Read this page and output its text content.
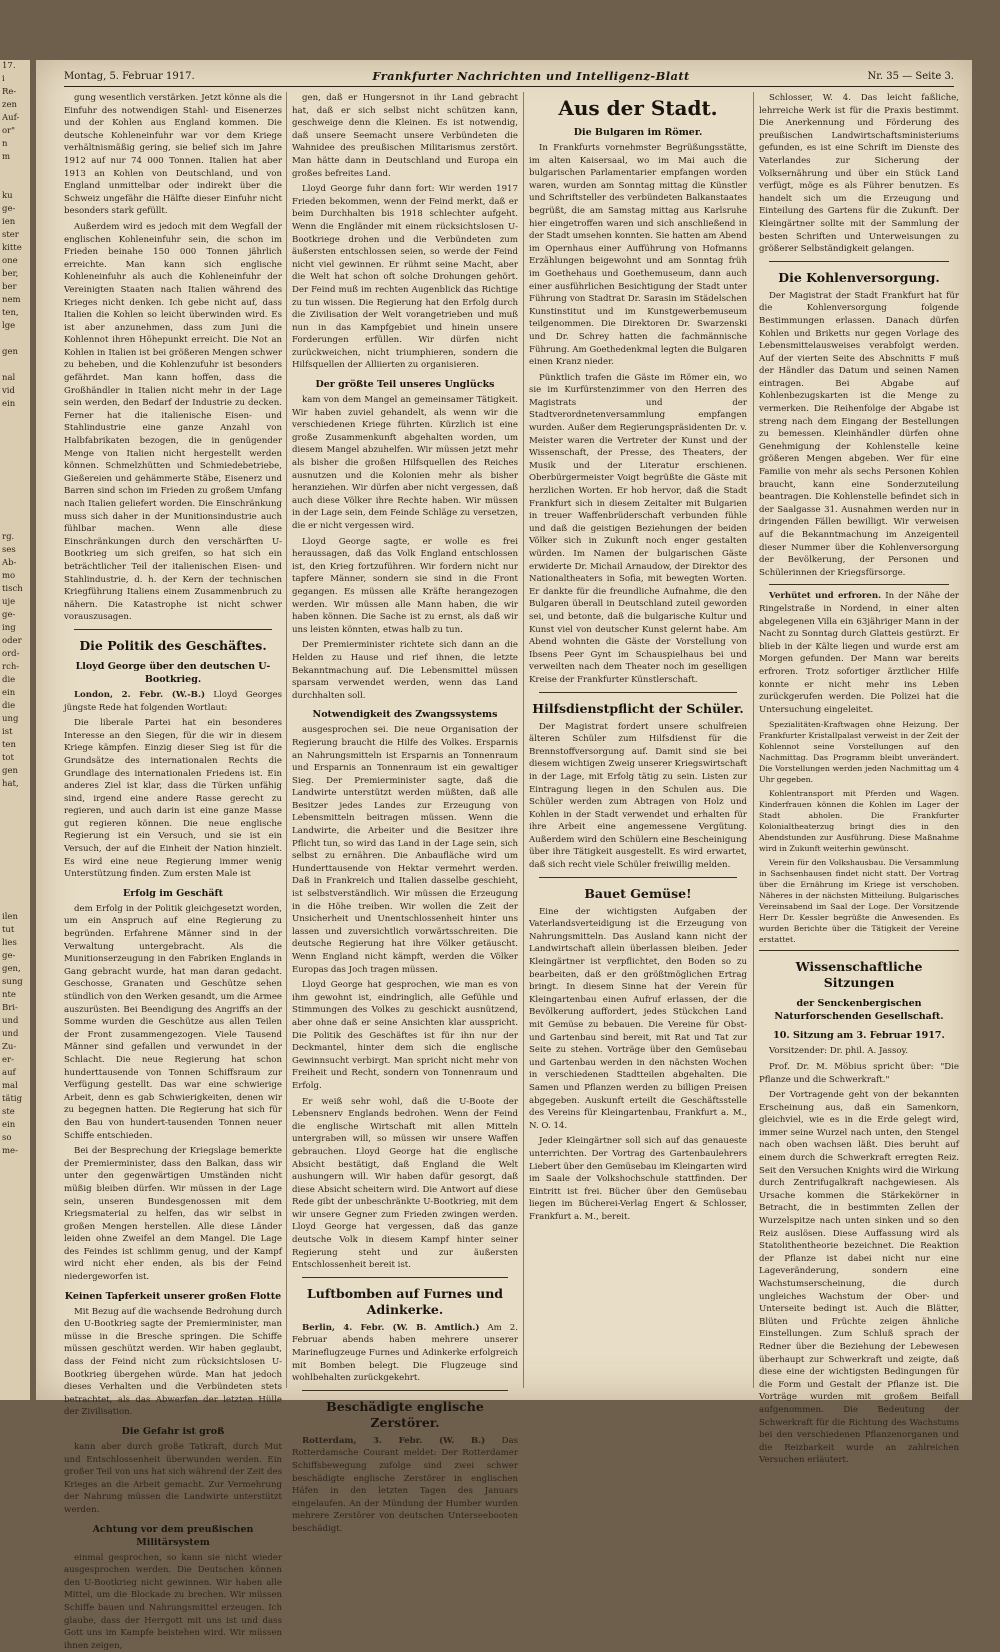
17.
i
Re-
zen
Auf-
or"
n
m

ku
ge-
ien
ster
kitte
one
ber,
ber
nem
ten,
lge

gen

nal
vid
ein
rg.
ses
Ab-
mo
tisch
uje
ge-
ing
oder
ord-
rch-
die
ein
die
ung
ist
ten
tot
gen
hat,
ilen
tut
lies
ge-
gen,
sung
nte
Bri-
und
und
Zu-
er-
auf
mal
tätig
ste
ein
so
me-
Montag, 5. Februar 1917.	Frankfurter Nachrichten und Intelligenz-Blatt	Nr. 35 — Seite 3.

gung wesentlich verstärken. Jetzt könne als die Einfuhr des notwendigen Stahl- und Eisenerzes und der Kohlen aus England kommen. Die deutsche Kohleneinfuhr war vor dem Kriege verhältnismäßig gering, sie belief sich im Jahre 1912 auf nur 74 000 Tonnen. Italien hat aber 1913 an Kohlen von Deutschland, und von England unmittelbar oder indirekt über die Schweiz ungefähr die Hälfte dieser Einfuhr nicht besonders stark gefüllt.

Außerdem wird es jedoch mit dem Wegfall der englischen Kohleneinfuhr sein, die schon im Frieden beinahe 150 000 Tonnen jährlich erreichte. Man kann sich englische Kohleneinfuhr als auch die Kohleneinfuhr der Vereinigten Staaten nach Italien während des Krieges nicht denken. Ich gebe nicht auf, dass Italien die Kohlen so leicht überwinden wird. Es ist aber anzunehmen, dass zum Juni die Kohlennot ihren Höhepunkt erreicht. Die Not an Kohlen in Italien ist bei größeren Mengen schwer zu beheben, und die Kohlenzufuhr ist besonders gefährdet. Man kann hoffen, dass die Großhändler in Italien nicht mehr in der Lage sein werden, den Bedarf der Industrie zu decken. Ferner hat die italienische Eisen- und Stahlindustrie eine ganze Anzahl von Halbfabrikaten bezogen, die in genügender Menge von Italien nicht hergestellt werden können. Schmelzhütten und Schmiedebetriebe, Gießereien und gehämmerte Stäbe, Eisenerz und Barren sind schon im Frieden zu großem Umfang nach Italien geliefert worden. Die Einschränkung muss sich daher in der Munitionsindustrie auch fühlbar machen. Wenn alle diese Einschränkungen durch den verschärften U-Bootkrieg um sich greifen, so hat sich ein beträchtlicher Teil der italienischen Eisen- und Stahlindustrie, d. h. der Kern der technischen Kriegführung Italiens einem Zusammenbruch zu nähern. Die Katastrophe ist nicht schwer vorauszusagen.

Die Politik des Geschäftes.
Lloyd George über den deutschen U-Bootkrieg.

London, 2. Febr. (W.-B.) Lloyd Georges jüngste Rede hat folgenden Wortlaut:

Die liberale Partei hat ein besonderes Interesse an den Siegen, für die wir in diesem Kriege kämpfen. Einzig dieser Sieg ist für die Grundsätze des internationalen Rechts die Grundlage des internationalen Friedens ist. Ein anderes Ziel ist klar, dass die Türken unfähig sind, irgend eine andere Rasse gerecht zu regieren, und auch darin ist eine ganze Masse gut regieren können. Die neue englische Regierung ist ein Versuch, und sie ist ein Versuch, der auf die Einheit der Nation hinzielt. Es wird eine neue Regierung immer wenig Unterstützung finden. Zum ersten Male ist

Erfolg im Geschäft

dem Erfolg in der Politik gleichgesetzt worden, um ein Anspruch auf eine Regierung zu begründen. Erfahrene Männer sind in der Verwaltung untergebracht. Als die Munitionserzeugung in den Fabriken Englands in Gang gebracht wurde, hat man daran gedacht. Geschosse, Granaten und Geschütze sehen stündlich von den Werken gesandt, um die Armee auszurüsten. Bei Beendigung des Angriffs an der Somme wurden die Geschütze aus allen Teilen der Front zusammengezogen. Viele Tausend Männer sind gefallen und verwundet in der Schlacht. Die neue Regierung hat schon hunderttausende von Tonnen Schiffsraum zur Verfügung gestellt. Das war eine schwierige Arbeit, denn es gab Schwierigkeiten, denen wir zu begegnen hatten. Die Regierung hat sich für den Bau von hundert-tausenden Tonnen neuer Schiffe entschieden.

Bei der Besprechung der Kriegslage bemerkte der Premierminister, dass den Balkan, dass wir unter den gegenwärtigen Umständen nicht müßig bleiben dürfen. Wir müssen in der Lage sein, unseren Bundesgenossen mit dem Kriegsmaterial zu helfen, das wir selbst in großen Mengen herstellen. Alle diese Länder leiden ohne Zweifel an dem Mangel. Die Lage des Feindes ist schlimm genug, und der Kampf wird nicht eher enden, als bis der Feind niedergeworfen ist.

Keinen Tapferkeit unserer großen Flotte

Mit Bezug auf die wachsende Bedrohung durch den U-Bootkrieg sagte der Premierminister, man müsse in die Bresche springen. Die Schiffe müssen geschützt werden. Wir haben geglaubt, dass der Feind nicht zum rücksichtslosen U-Bootkrieg übergehen würde. Man hat jedoch dieses Verhalten und die Verbündeten stets betrachtet, als das Abwerfen der letzten Hülle der Zivilisation.

Die Gefahr ist groß

kann aber durch große Tatkraft, durch Mut und Entschlossenheit überwunden werden. Ein großer Teil von uns hat sich während der Zeit des Krieges an die Arbeit gemacht. Zur Vermehrung der Nahrung müssen die Landwirte unterstützt werden.

Achtung vor dem preußischen Militärsystem

einmal gesprochen, so kann sie nicht wieder ausgesprochen werden. Die Deutschen können den U-Bootkrieg nicht gewinnen. Wir haben alle Mittel, um die Blockade zu brechen. Wir müssen Schiffe bauen und Nahrungsmittel erzeugen. Ich glaube, dass der Herrgott mit uns ist und dass Gott uns im Kampfe beistehen wird. Wir müssen ihnen zeigen,

gen, daß er Hungersnot in ihr Land gebracht hat, daß er sich selbst nicht schützen kann, geschweige denn die Kleinen. Es ist notwendig, daß unsere Seemacht unsere Verbündeten die Wahnidee des preußischen Militarismus zerstört. Man hätte dann in Deutschland und Europa ein großes befreites Land.

Lloyd George fuhr dann fort: Wir werden 1917 Frieden bekommen, wenn der Feind merkt, daß er beim Durchhalten bis 1918 schlechter aufgeht. Wenn die Engländer mit einem rücksichtslosen U-Bootkriege drohen und die Verbündeten zum äußersten entschlossen seien, so werde der Feind nicht viel gewinnen. Er rühmt seine Macht, aber die Welt hat schon oft solche Drohungen gehört. Der Feind muß im rechten Augenblick das Richtige zu tun wissen. Die Regierung hat den Erfolg durch die Zivilisation der Welt vorangetrieben und muß nun in das Kampfgebiet und hinein unsere Forderungen erfüllen. Wir dürfen nicht zurückweichen, nicht triumphieren, sondern die Hilfsquellen der Alliierten zu organisieren.

Der größte Teil unseres Unglücks

kam von dem Mangel an gemeinsamer Tätigkeit. Wir haben zuviel gehandelt, als wenn wir die verschiedenen Kriege führten. Kürzlich ist eine große Zusammenkunft abgehalten worden, um diesem Mangel abzuhelfen. Wir müssen jetzt mehr als bisher die großen Hilfsquellen des Reiches ausnutzen und die Kolonien mehr als bisher heranziehen. Wir dürfen aber nicht vergessen, daß auch diese Völker ihre Rechte haben. Wir müssen in der Lage sein, dem Feinde Schläge zu versetzen, die er nicht vergessen wird.

Lloyd George sagte, er wolle es frei heraussagen, daß das Volk England entschlossen ist, den Krieg fortzuführen. Wir fordern nicht nur tapfere Männer, sondern sie sind in die Front gegangen. Es müssen alle Kräfte herangezogen werden. Wir müssen alle Mann haben, die wir haben können. Die Sache ist zu ernst, als daß wir uns leisten könnten, etwas halb zu tun.

Der Premierminister richtete sich dann an die Helden zu Hause und rief ihnen, die letzte Bekanntmachung auf. Die Lebensmittel müssen sparsam verwendet werden, wenn das Land durchhalten soll.

Notwendigkeit des Zwangssystems

ausgesprochen sei. Die neue Organisation der Regierung braucht die Hilfe des Volkes. Ersparnis an Nahrungsmitteln ist Ersparnis an Tonnenraum und Ersparnis an Tonnenraum ist ein gewaltiger Sieg. Der Premierminister sagte, daß die Landwirte unterstützt werden müßten, daß alle Besitzer jedes Landes zur Erzeugung von Lebensmitteln beitragen müssen. Wenn die Landwirte, die Arbeiter und die Besitzer ihre Pflicht tun, so wird das Land in der Lage sein, sich selbst zu ernähren. Die Anbaufläche wird um Hunderttausende von Hektar vermehrt werden. Daß in Frankreich und Italien dasselbe geschieht, ist selbstverständlich. Wir müssen die Erzeugung in die Höhe treiben. Wir wollen die Zeit der Unsicherheit und Unentschlossenheit hinter uns lassen und zuversichtlich vorwärtsschreiten. Die deutsche Regierung hat ihre Völker getäuscht. Wenn England nicht kämpft, werden die Völker Europas das Joch tragen müssen.

Lloyd George hat gesprochen, wie man es von ihm gewohnt ist, eindringlich, alle Gefühle und Stimmungen des Volkes zu geschickt ausnützend, aber ohne daß er seine Ansichten klar ausspricht. Die Politik des Geschäftes ist für ihn nur der Deckmantel, hinter dem sich die englische Gewinnsucht verbirgt. Man spricht nicht mehr von Freiheit und Recht, sondern von Tonnenraum und Erfolg.

Er weiß sehr wohl, daß die U-Boote der Lebensnerv Englands bedrohen. Wenn der Feind die englische Wirtschaft mit allen Mitteln untergraben will, so müssen wir unsere Waffen gebrauchen. Lloyd George hat die englische Absicht bestätigt, daß England die Welt aushungern will. Wir haben dafür gesorgt, daß diese Absicht scheitern wird. Die Antwort auf diese Rede gibt der unbeschränkte U-Bootkrieg, mit dem wir unsere Gegner zum Frieden zwingen werden. Lloyd George hat vergessen, daß das ganze deutsche Volk in diesem Kampf hinter seiner Regierung steht und zur äußersten Entschlossenheit bereit ist.

Luftbomben auf Furnes und Adinkerke.

Berlin, 4. Febr. (W. B. Amtlich.) Am 2. Februar abends haben mehrere unserer Marineflugzeuge Furnes und Adinkerke erfolgreich mit Bomben belegt. Die Flugzeuge sind wohlbehalten zurückgekehrt.

Beschädigte englische Zerstörer.

Rotterdam, 3. Febr. (W. B.) Das Rotterdamsche Courant meldet: Der Rotterdamer Schiffsbewegung zufolge sind zwei schwer beschädigte englische Zerstörer in englischen Häfen in den letzten Tagen des Januars eingelaufen. An der Mündung der Humber wurden mehrere Zerstörer von deutschen Unterseebooten beschädigt.

Aus der Stadt.
Die Bulgaren im Römer.

In Frankfurts vornehmster Begrüßungsstätte, im alten Kaisersaal, wo im Mai auch die bulgarischen Parlamentarier empfangen worden waren, wurden am Sonntag mittag die Künstler und Schriftsteller des verbündeten Balkanstaates begrüßt, die am Samstag mittag aus Karlsruhe hier eingetroffen waren und sich anschließend in der Stadt umsehen konnten. Sie hatten am Abend im Opernhaus einer Aufführung von Hofmanns Erzählungen beigewohnt und am Sonntag früh im Goethehaus und Goethemuseum, dann auch einer ausführlichen Besichtigung der Stadt unter Führung von Stadtrat Dr. Sarasin im Städelschen Kunstinstitut und im Kunstgewerbemuseum teilgenommen. Die Direktoren Dr. Swarzenski und Dr. Schrey hatten die fachmännische Führung. Am Goethedenkmal legten die Bulgaren einen Kranz nieder.

Pünktlich trafen die Gäste im Römer ein, wo sie im Kurfürstenzimmer von den Herren des Magistrats und der Stadtverordnetenversammlung empfangen wurden. Außer dem Regierungspräsidenten Dr. v. Meister waren die Vertreter der Kunst und der Wissenschaft, der Presse, des Theaters, der Musik und der Literatur erschienen. Oberbürgermeister Voigt begrüßte die Gäste mit herzlichen Worten. Er hob hervor, daß die Stadt Frankfurt sich in diesem Zeitalter mit Bulgarien in treuer Waffenbrüderschaft verbunden fühle und daß die geistigen Beziehungen der beiden Völker sich in Zukunft noch enger gestalten würden. Im Namen der bulgarischen Gäste erwiderte Dr. Michail Arnaudow, der Direktor des Nationaltheaters in Sofia, mit bewegten Worten. Er dankte für die freundliche Aufnahme, die den Bulgaren überall in Deutschland zuteil geworden sei, und betonte, daß die bulgarische Kultur und Kunst viel von deutscher Kunst gelernt habe. Am Abend wohnten die Gäste der Vorstellung von Ibsens Peer Gynt im Schauspielhaus bei und verweilten nach dem Theater noch im geselligen Kreise der Frankfurter Künstlerschaft.

Hilfsdienstpflicht der Schüler.

Der Magistrat fordert unsere schulfreien älteren Schüler zum Hilfsdienst für die Brennstoffversorgung auf. Damit sind sie bei diesem wichtigen Zweig unserer Kriegswirtschaft in der Lage, mit Erfolg tätig zu sein. Listen zur Eintragung liegen in den Schulen aus. Die Schüler werden zum Abtragen von Holz und Kohlen in der Stadt verwendet und erhalten für ihre Arbeit eine angemessene Vergütung. Außerdem wird den Schülern eine Bescheinigung über ihre Tätigkeit ausgestellt. Es wird erwartet, daß sich recht viele Schüler freiwillig melden.

Bauet Gemüse!

Eine der wichtigsten Aufgaben der Vaterlandsverteidigung ist die Erzeugung von Nahrungsmitteln. Das Ausland kann nicht der Landwirtschaft allein überlassen bleiben. Jeder Kleingärtner ist verpflichtet, den Boden so zu bearbeiten, daß er den größtmöglichen Ertrag bringt. In diesem Sinne hat der Verein für Kleingartenbau einen Aufruf erlassen, der die Bevölkerung auffordert, jedes Stückchen Land mit Gemüse zu bebauen. Die Vereine für Obst- und Gartenbau sind bereit, mit Rat und Tat zur Seite zu stehen. Vorträge über den Gemüsebau und Gartenbau werden in den nächsten Wochen in verschiedenen Stadtteilen abgehalten. Die Samen und Pflanzen werden zu billigen Preisen abgegeben. Auskunft erteilt die Geschäftsstelle des Vereins für Kleingartenbau, Frankfurt a. M., N. O. 14.

Jeder Kleingärtner soll sich auf das genaueste unterrichten. Der Vortrag des Gartenbaulehrers Liebert über den Gemüsebau im Kleingarten wird im Saale der Volkshochschule stattfinden. Der Eintritt ist frei. Bücher über den Gemüsebau liegen im Bücherei-Verlag Engert & Schlosser, Frankfurt a. M., bereit.

Schlosser, W. 4. Das leicht faßliche, lehrreiche Werk ist für die Praxis bestimmt. Die Anerkennung und Förderung des preußischen Landwirtschaftsministeriums gefunden, es ist eine Schrift im Dienste des Vaterlandes zur Sicherung der Volksernährung und über ein Stück Land verfügt, möge es als Führer benutzen. Es handelt sich um die Erzeugung und Einteilung des Gartens für die Zukunft. Der Kleingärtner sollte mit der Sammlung der besten Schriften und Unterweisungen zu größerer Selbständigkeit gelangen.

Die Kohlenversorgung.

Der Magistrat der Stadt Frankfurt hat für die Kohlenversorgung folgende Bestimmungen erlassen. Danach dürfen Kohlen und Briketts nur gegen Vorlage des Lebensmittelausweises verabfolgt werden. Auf der vierten Seite des Abschnitts F muß der Händler das Datum und seinen Namen eintragen. Bei Abgabe auf Kohlenbezugskarten ist die Menge zu vermerken. Die Reihenfolge der Abgabe ist streng nach dem Eingang der Bestellungen zu bemessen. Kleinhändler dürfen ohne Genehmigung der Kohlenstelle keine größeren Mengen abgeben. Wer für eine Familie von mehr als sechs Personen Kohlen braucht, kann eine Sonderzuteilung beantragen. Die Kohlenstelle befindet sich in der Saalgasse 31. Ausnahmen werden nur in dringenden Fällen bewilligt. Wir verweisen auf die Bekanntmachung im Anzeigenteil dieser Nummer über die Kohlenversorgung der Bevölkerung, der Personen und Schülerinnen der Kriegsfürsorge.

Verhütet und erfroren. In der Nähe der Ringelstraße in Nordend, in einer alten abgelegenen Villa ein 63jähriger Mann in der Nacht zu Sonntag durch Glatteis gestürzt. Er blieb in der Kälte liegen und wurde erst am Morgen gefunden. Der Mann war bereits erfroren. Trotz sofortiger ärztlicher Hilfe konnte er nicht mehr ins Leben zurückgerufen werden. Die Polizei hat die Untersuchung eingeleitet.

Spezialitäten-Kraftwagen ohne Heizung. Der Frankfurter Kristallpalast verweist in der Zeit der Kohlennot seine Vorstellungen auf den Nachmittag. Das Programm bleibt unverändert. Die Vorstellungen werden jeden Nachmittag um 4 Uhr gegeben.

Kohlentransport mit Pferden und Wagen. Kinderfrauen können die Kohlen im Lager der Stadt abholen. Die Frankfurter Kolonialtheaterzug bringt dies in den Abendstunden zur Ausführung. Diese Maßnahme wird in Zukunft weiterhin gewünscht.

Verein für den Volkshausbau. Die Versammlung in Sachsenhausen findet nicht statt. Der Vortrag über die Ernährung im Kriege ist verschoben. Näheres in der nächsten Mitteilung. Bulgarisches Vereinsabend im Saal der Loge. Der Vorsitzende Herr Dr. Kessler begrüßte die Anwesenden. Es wurden Berichte über die Tätigkeit der Vereine erstattet.

Wissenschaftliche Sitzungen
der Senckenbergischen Naturforschenden Gesellschaft.
10. Sitzung am 3. Februar 1917.

Vorsitzender: Dr. phil. A. Jassoy.

Prof. Dr. M. Möbius spricht über: "Die Pflanze und die Schwerkraft."

Der Vortragende geht von der bekannten Erscheinung aus, daß ein Samenkorn, gleichviel, wie es in die Erde gelegt wird, immer seine Wurzel nach unten, den Stengel nach oben wachsen läßt. Dies beruht auf einem durch die Schwerkraft erregten Reiz. Seit den Versuchen Knights wird die Wirkung durch Zentrifugalkraft nachgewiesen. Als Ursache kommen die Stärkekörner in Betracht, die in bestimmten Zellen der Wurzelspitze nach unten sinken und so den Reiz auslösen. Diese Auffassung wird als Statolithentheorie bezeichnet. Die Reaktion der Pflanze ist dabei nicht nur eine Lageveränderung, sondern eine Wachstumserscheinung, die durch ungleiches Wachstum der Ober- und Unterseite bedingt ist. Auch die Blätter, Blüten und Früchte zeigen ähnliche Einstellungen. Zum Schluß sprach der Redner über die Beziehung der Lebewesen überhaupt zur Schwerkraft und zeigte, daß diese eine der wichtigsten Bedingungen für die Form und Gestalt der Pflanze ist. Die Vorträge wurden mit großem Beifall aufgenommen. Die Bedeutung der Schwerkraft für die Richtung des Wachstums bei den verschiedenen Pflanzenorganen und die Reizbarkeit wurde an zahlreichen Versuchen erläutert.
